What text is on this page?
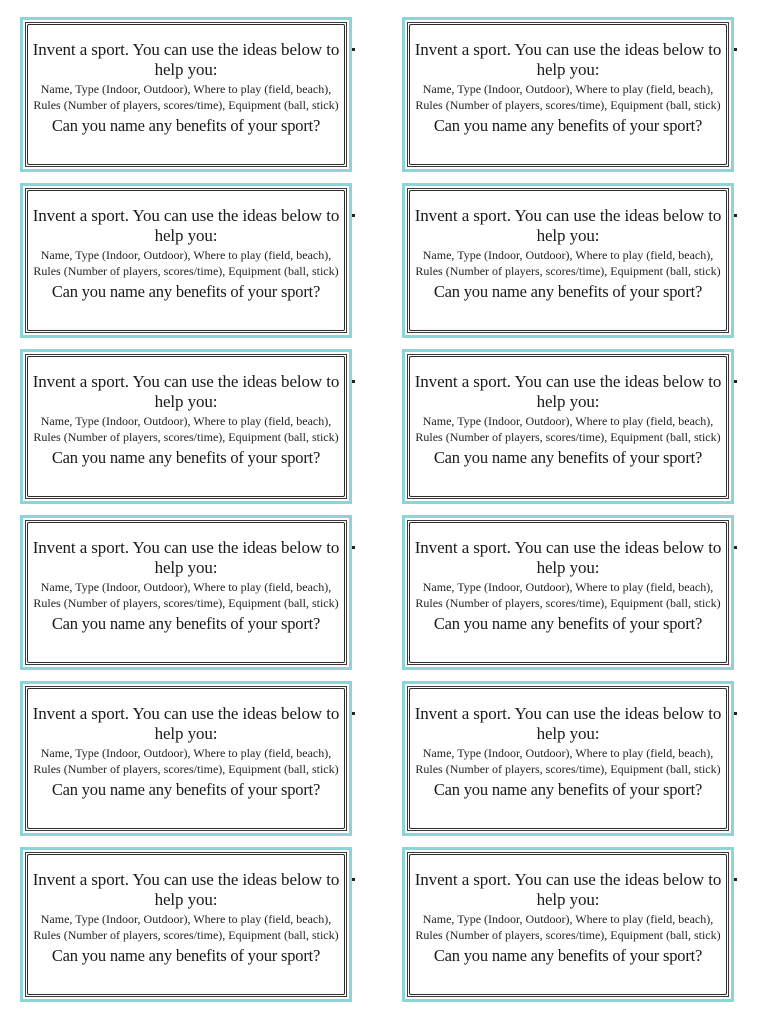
Invent a sport. You can use the ideas below to help you:

Name, Type (Indoor, Outdoor), Where to play (field, beach), Rules (Number of players, scores/time), Equipment (ball, stick)

Can you name any benefits of your sport?

Invent a sport. You can use the ideas below to help you:

Name, Type (Indoor, Outdoor), Where to play (field, beach), Rules (Number of players, scores/time), Equipment (ball, stick)

Can you name any benefits of your sport?

Invent a sport. You can use the ideas below to help you:

Name, Type (Indoor, Outdoor), Where to play (field, beach), Rules (Number of players, scores/time), Equipment (ball, stick)

Can you name any benefits of your sport?

Invent a sport. You can use the ideas below to help you:

Name, Type (Indoor, Outdoor), Where to play (field, beach), Rules (Number of players, scores/time), Equipment (ball, stick)

Can you name any benefits of your sport?

Invent a sport. You can use the ideas below to help you:

Name, Type (Indoor, Outdoor), Where to play (field, beach), Rules (Number of players, scores/time), Equipment (ball, stick)

Can you name any benefits of your sport?

Invent a sport. You can use the ideas below to help you:

Name, Type (Indoor, Outdoor), Where to play (field, beach), Rules (Number of players, scores/time), Equipment (ball, stick)

Can you name any benefits of your sport?

Invent a sport. You can use the ideas below to help you:

Name, Type (Indoor, Outdoor), Where to play (field, beach), Rules (Number of players, scores/time), Equipment (ball, stick)

Can you name any benefits of your sport?

Invent a sport. You can use the ideas below to help you:

Name, Type (Indoor, Outdoor), Where to play (field, beach), Rules (Number of players, scores/time), Equipment (ball, stick)

Can you name any benefits of your sport?

Invent a sport. You can use the ideas below to help you:

Name, Type (Indoor, Outdoor), Where to play (field, beach), Rules (Number of players, scores/time), Equipment (ball, stick)

Can you name any benefits of your sport?

Invent a sport. You can use the ideas below to help you:

Name, Type (Indoor, Outdoor), Where to play (field, beach), Rules (Number of players, scores/time), Equipment (ball, stick)

Can you name any benefits of your sport?

Invent a sport. You can use the ideas below to help you:

Name, Type (Indoor, Outdoor), Where to play (field, beach), Rules (Number of players, scores/time), Equipment (ball, stick)

Can you name any benefits of your sport?

Invent a sport. You can use the ideas below to help you:

Name, Type (Indoor, Outdoor), Where to play (field, beach), Rules (Number of players, scores/time), Equipment (ball, stick)

Can you name any benefits of your sport?
